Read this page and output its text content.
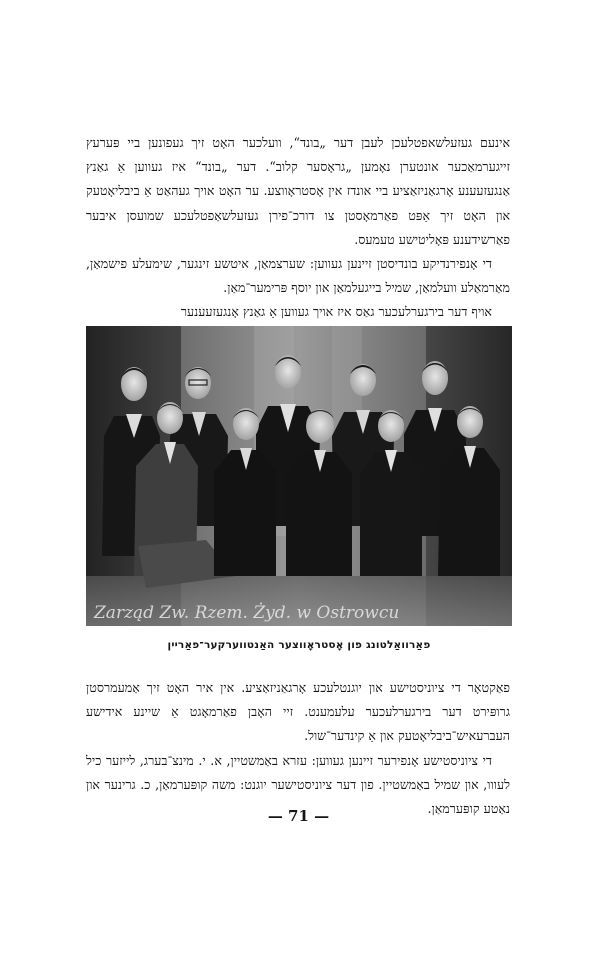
אינעם געזעלשאפטלעכן לעבן דער „בונד“, וועלכער האָט זיך געפונען ביי פּערעץ זייגערמאַכער אונטערן נאָמען „גראָסער קלוב“. דער „בונד“ איז געווען אַ גאַנץ אַנגעזעענע אָרגאַניזאַציע ביי אונדז אין אָסטראָווצע. ער האָט אויך געהאַט אַ ביבליאָטעק און האָט זיך אַפּט פאַרמאָסטן צו דורכ־פירן געזעלשאַפטלעכע שמועסן איבער פאַרשידענע פּאָליטישע טעמעס.

די אָנפירנדיקע בונדיסטן זיינען געווען: שערצמאַן, איטשע זינגער, שימעלע פישמאַן, מאַרמאַלע וועלמאַן, שמיל בייגעלמאַן און יוסף פּרימער־מאַן.

אויף דער בירגערלעכער גאַס איז אויך געווען אַ גאַנץ אָנגעזעענער

Zarząd Zw. Rzem. Żyd. w Ostrowcu
פאַרוואַלטונג פון אָסטראָווצער האַנטווערקער־פאַריין

פאַקטאָר די ציוניסטישע און יוגנטלעכע אָרגאַניזאַציע. אין איר האָט זיך אַמעמרסטן גרופּירט דער בירגערלעכער עלעמענט. זיי האָבן פאַרמאָגט אַ שיינע אידישע העברעאיש־ביבליאָטעק און אַ קינדער־שול.

די ציוניסטישע אָנפירער זיינען געווען: עזרא באַמשטיין, א. י. מינצ־בערג, לייזער כיל לעווו, און שמיל באַמשטיין. פון דער ציוניסטישער יוגנט: משה קופּערמאַן, כ. גרינער און נאַטע קופּערמאַן.

— 71 —
